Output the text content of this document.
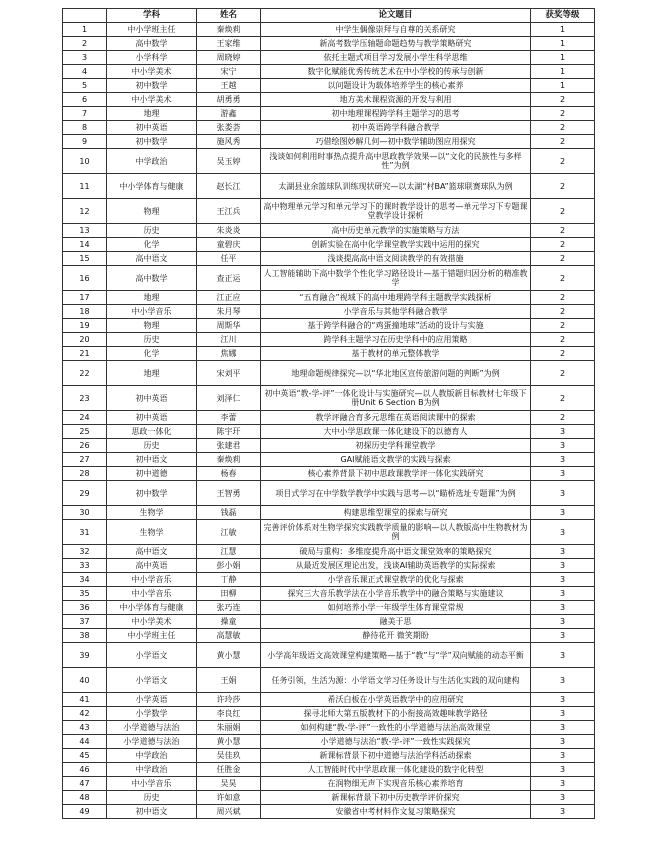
	学科	姓名	论文题目	获奖等级
1	中小学班主任	秦焕莉	中学生偶像崇拜与自尊的关系研究	1
2	高中数学	王家维	新高考数学压轴题命题趋势与教学策略研究	1
3	小学科学	周晓婷	依托主题式项目学习发展小学生科学思维	1
4	中小学美术	宋宁	数字化赋能优秀传统艺术在中小学校的传承与创新	1
5	初中数学	王越	以问题设计为载体培养学生的核心素养	1
6	中小学美术	胡勇勇	地方美术课程资源的开发与利用	2
7	地理	游鑫	初中地理课程跨学科主题学习的思考	2
8	初中英语	张娄荟	初中英语跨学科融合教学	2
9	初中数学	施风秀	巧借绘图妙解几何—初中数学辅助图应用探究	2
10	中学政治	吴玉婷	浅谈如何利用时事热点提升高中思政教学效果—以“文化的民族性与多样性”为例	2
11	中小学体育与健康	赵长江	太湖县业余篮球队训练现状研究—以太湖“村BA”篮球联赛球队为例	2
12	物理	王江兵	高中物理单元学习和单元学习下的课时教学设计的思考—单元学习下专题课堂教学设计探析	2
13	历史	朱炎炎	高中历史单元教学的实施策略与方法	2
14	化学	童碧庆	创新实验在高中化学课堂教学实践中运用的探究	2
15	高中语文	任平	浅谈提高高中语文阅读教学的有效措施	2
16	高中数学	查正运	人工智能辅助下高中数学个性化学习路径设计—基于错题归因分析的精准教学	2
17	地理	江正应	“五育融合”视域下的高中地理跨学科主题教学实践探析	2
18	中小学音乐	朱月琴	小学音乐与其他学科融合教学	2
19	物理	周斯华	基于跨学科融合的“鸡蛋撞地球”活动的设计与实施	2
20	历史	江川	跨学科主题学习在历史学科中的应用策略	2
21	化学	焦娜	基于教材的单元整体教学	2
22	地理	宋刘平	地理命题规律探究—以“华北地区宣传旅游问题的判断”为例	2
23	初中英语	刘泽仁	初中英语“教-学-评”一体化设计与实施研究—以人教版新目标教材七年级下册Unit 6 Section B为例	2
24	初中英语	李蕾	教学评融合育多元思维在英语阅读课中的探索	2
25	思政一体化	陈宇玕	大中小学思政课一体化建设下的以德育人	3
26	历史	张建君	初探历史学科课堂教学	3
27	初中语文	秦焕莉	GAI赋能语文教学的实践与探索	3
28	初中道德	杨春	核心素养背景下初中思政课教学评一体化实践研究	3
29	初中数学	王智勇	项目式学习在中学数学教学中实践与思考—以“瞄桥选址专题课”为例	3
30	生物学	钱磊	构建思维型课堂的探索与研究	3
31	生物学	江敏	完善评价体系对生物学探究实践教学质量的影响—以人教版高中生物教材为例	3
32	高中语文	江慧	破局与重构：多维度提升高中语文课堂效率的策略探究	3
33	高中英语	彭小娟	从最近发展区理论出发，浅谈AI辅助英语教学的实际探索	3
34	中小学音乐	丁静	小学音乐课正式课堂教学的优化与探索	3
35	中小学音乐	田柳	探究三大音乐教学法在小学音乐教学中的融合策略与实施建议	3
36	中小学体育与健康	张巧连	如何培养小学一年级学生体育课堂常规	3
37	中小学美术	操童	融美于思	3
38	中小学班主任	高慧敏	静待花开 微笑期盼	3
39	小学语文	黄小慧	小学高年级语文高效课堂构建策略—基于“教”与“学”双向赋能的动态平衡	3
40	小学语文	王娟	任务引领，生活为源：小学语文学习任务设计与生活化实践的双向建构	3
41	小学英语	许玲莎	希沃白板在小学英语教学中的应用研究	3
42	小学数学	李良红	探寻北师大第五版教材下的小衔接高效趣味教学路径	3
43	小学道德与法治	朱丽娟	如何构建“教-学-评”一致性的小学道德与法治高效课堂	3
44	小学道德与法治	黄小慧	小学道德与法治“教-学-评”一致性实践探究	3
45	中学政治	吴佳玖	新课标背景下初中道德与法治学科活动探索	3
46	中学政治	任胜金	人工智能时代中学思政课一体化建设的数字化转型	3
47	中小学音乐	吴昊	在润物细无声下实现音乐核心素养培育	3
48	历史	许如意	新课标背景下初中历史教学评价探究	3
49	初中语文	周兴斌	安徽省中考材料作文复习策略探究	3
